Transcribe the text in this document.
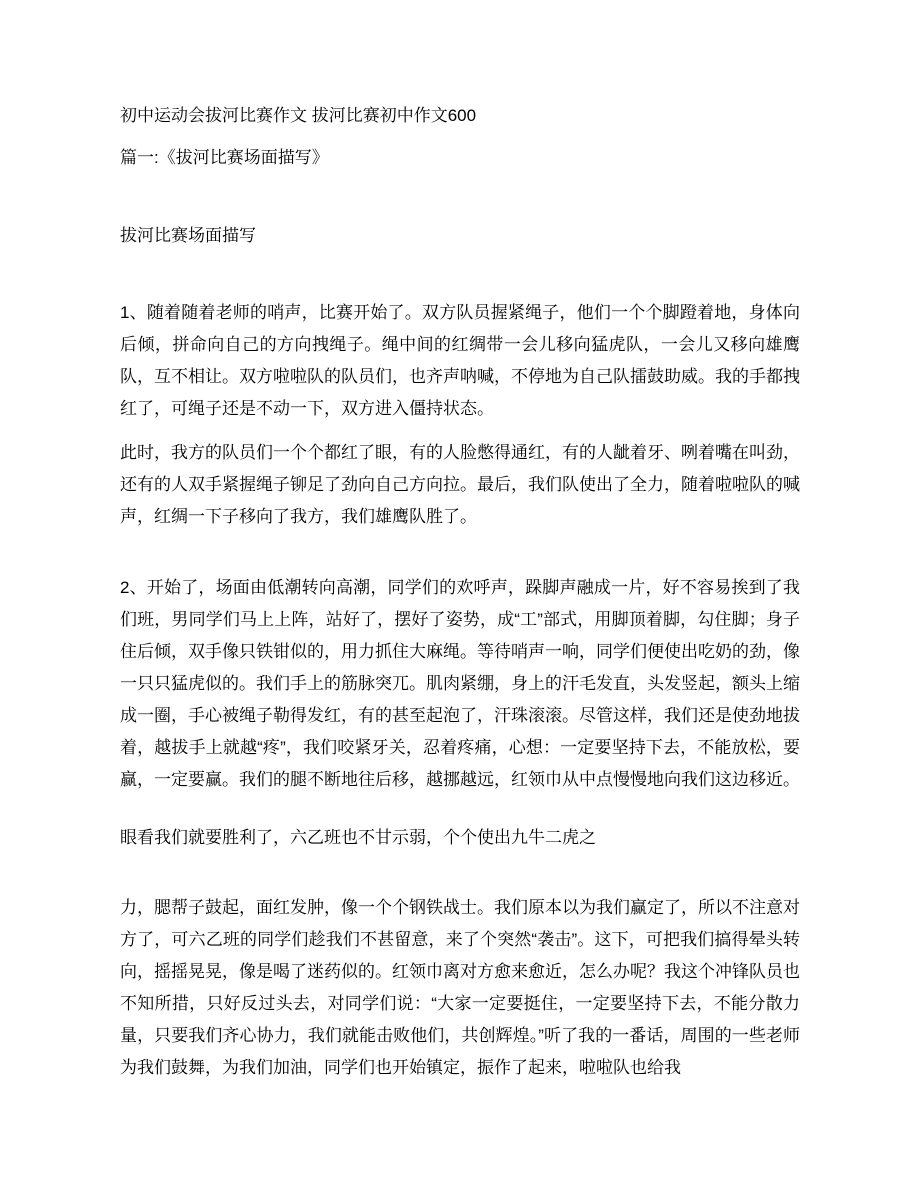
初中运动会拔河比赛作文 拔河比赛初中作文600

篇一:《拔河比赛场面描写》

拔河比赛场面描写

1、随着随着老师的哨声，比赛开始了。双方队员握紧绳子，他们一个个脚蹬着地，身体向后倾，拼命向自己的方向拽绳子。绳中间的红绸带一会儿移向猛虎队，一会儿又移向雄鹰队，互不相让。双方啦啦队的队员们，也齐声呐喊，不停地为自己队擂鼓助威。我的手都拽红了，可绳子还是不动一下，双方进入僵持状态。

此时，我方的队员们一个个都红了眼，有的人脸憋得通红，有的人龇着牙、咧着嘴在叫劲，还有的人双手紧握绳子铆足了劲向自己方向拉。最后，我们队使出了全力，随着啦啦队的喊声，红绸一下子移向了我方，我们雄鹰队胜了。

2、开始了，场面由低潮转向高潮，同学们的欢呼声，跺脚声融成一片，好不容易挨到了我们班，男同学们马上上阵，站好了，摆好了姿势，成“工”部式，用脚顶着脚，勾住脚；身子住后倾，双手像只铁钳似的，用力抓住大麻绳。等待哨声一响，同学们便使出吃奶的劲，像一只只猛虎似的。我们手上的筋脉突兀。肌肉紧绷，身上的汗毛发直，头发竖起，额头上缩成一圈，手心被绳子勒得发红，有的甚至起泡了，汗珠滚滚。尽管这样，我们还是使劲地拔着，越拔手上就越“疼”，我们咬紧牙关，忍着疼痛，心想：一定要坚持下去，不能放松，要赢，一定要赢。我们的腿不断地往后移，越挪越远，红领巾从中点慢慢地向我们这边移近。

眼看我们就要胜利了，六乙班也不甘示弱，个个使出九牛二虎之

力，腮帮子鼓起，面红发肿，像一个个钢铁战士。我们原本以为我们赢定了，所以不注意对方了，可六乙班的同学们趁我们不甚留意，来了个突然“袭击”。这下，可把我们搞得晕头转向，摇摇晃晃，像是喝了迷药似的。红领巾离对方愈来愈近，怎么办呢？我这个冲锋队员也不知所措，只好反过头去，对同学们说：“大家一定要挺住，一定要坚持下去，不能分散力量，只要我们齐心协力，我们就能击败他们，共创辉煌。”听了我的一番话，周围的一些老师为我们鼓舞，为我们加油，同学们也开始镇定，振作了起来，啦啦队也给我
